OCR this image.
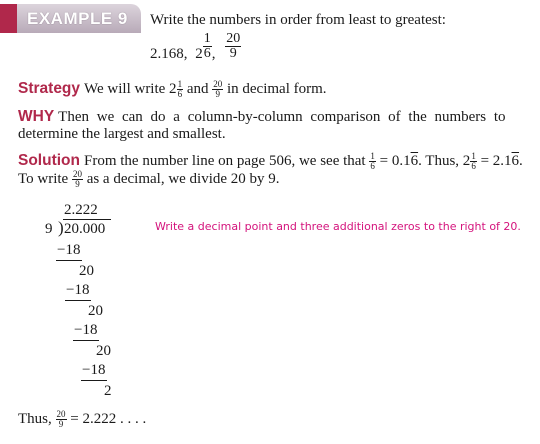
EXAMPLE 9	Write the numbers in order from least to greatest:
2.168, $2 \frac{1}{6}$ , $\frac{20}{9}$
Strategy We will write $2 \frac{1}{6}$ and $\frac{20}{9}$ in decimal form.
WHY Then we can do a column-by-column comparison of the numbers to
determine the largest and smallest.
Solution From the number line on page 506, we see that $\frac{1}{6} = 0.16$. Thus, $2 \frac{1}{6} = 2.16$.
To write $\frac{20}{9}$ as a decimal, we divide 20 by 9.
2.222
9 ) 20.000	Write a decimal point and three additional zeros to the right of 20.
−18
20
−18
20
−18
20
−18
2
Thus, $\frac{20}{9} = 2.222$ . . . .
